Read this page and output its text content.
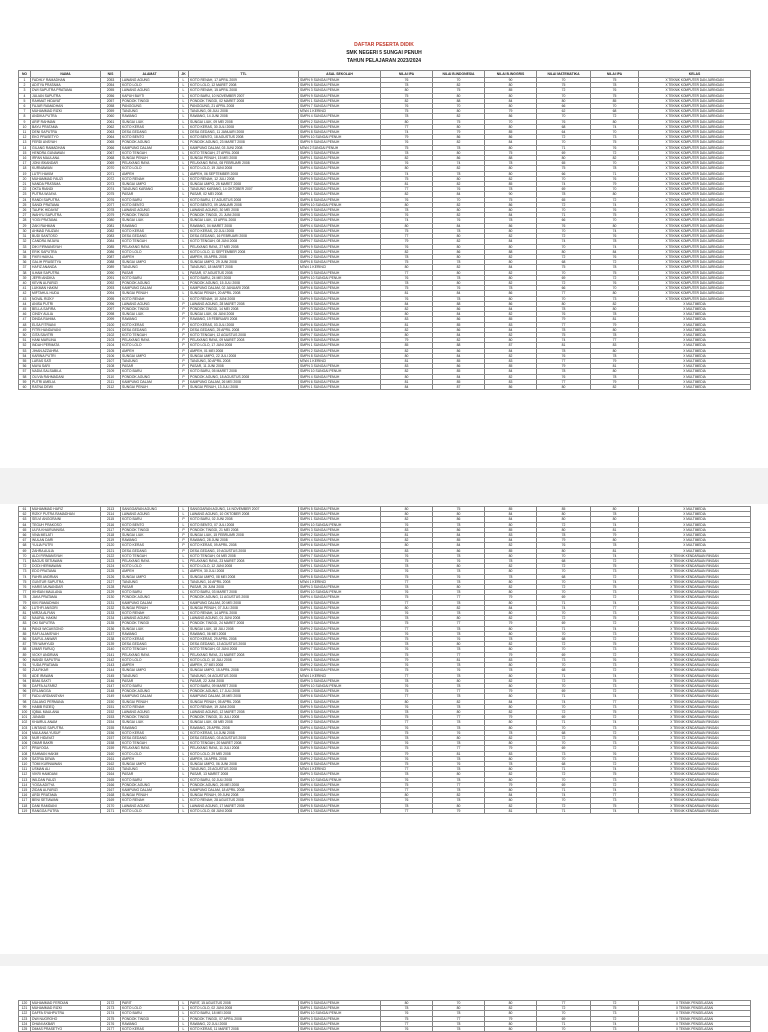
DAFTAR PESERTA DIDIK
SMK NEGERI 5 SUNGAI PENUH
TAHUN PELAJARAN 2023/2024
NO	NAMA	NIS	ALAMAT	JK	TTL	ASAL SEKOLAH	NILAI IPA	NILAI B.INDONESIA	NILAI B.INGGRIS	NILAI MATEMATIKA	NILAI IPA	KELAS
1	FADHLY RAMADHAN	2053	LAWANG AGUNG	L	KOTO RENAH, 17 APRIL 2009	SMPN 9 SUNGAI PENUH	76	70	90	70	75	X TEKNIK KOMPUTER DAN JARINGAN
2	ADITYA PRATAMA	2054	KOTO LOLO	L	KOTO LOLO, 12 MARET 2008	SMPN 5 SUNGAI PENUH	78	82	80	75	78	X TEKNIK KOMPUTER DAN JARINGAN
3	DWI SAPUTRA PRATAMA	2055	LAWANG AGUNG	L	KOTO RENAH, 15 APRIL 2008	SMPN 3 SUNGAI PENUH	80	75	85	72	76	X TEKNIK KOMPUTER DAN JARINGAN
4	JULIAN SAPUTRA	2056	KAPUH BAYTI	L	KOTO BARU, 10 NOVEMBER 2007	SMPN 9 SUNGAI PENUH	75	80	80	70	75	X TEKNIK KOMPUTER DAN JARINGAN
5	RAHMAT HIDAYAT	2057	PONDOK TINGGI	L	PONDOK TINGGI, 02 MARET 2008	SMPN 1 SUNGAI PENUH	82	88	84	80	85	X TEKNIK KOMPUTER DAN JARINGAN
6	FAJAR RAMADHAN	2058	PANGGUNG	L	PANGGUNG, 21 APRIL 2008	SMPN 7 SUNGAI PENUH	76	70	80	66	70	X TEKNIK KOMPUTER DAN JARINGAN
7	MUHAMMAD RIZKI	2059	TANJUNG	L	TANJUNG, 05 JULI 2008	MTsN 1 KERINCI	75	80	79	62	68	X TEKNIK KOMPUTER DAN JARINGAN
8	ANDIKA PUTRA	2060	RAWANG	L	RAWANG, 14 JUNI 2008	SMPN 4 SUNGAI PENUH	78	82	86	70	72	X TEKNIK KOMPUTER DAN JARINGAN
9	ARIF RAHMAN	2061	SUNGAI LIUK	L	SUNGAI LIUK, 09 MEI 2008	SMPN 2 SUNGAI PENUH	80	75	70	76	80	X TEKNIK KOMPUTER DAN JARINGAN
10	BAYU PRATAMA	2062	KOTO KERAS	L	KOTO KERAS, 30 JULI 2008	SMPN 6 SUNGAI PENUH	77	80	80	68	74	X TEKNIK KOMPUTER DAN JARINGAN
11	DENI SAPUTRA	2063	DESA GEDANG	L	DESA GEDANG, 11 JANUARI 2008	SMPN 8 SUNGAI PENUH	74	79	85	64	70	X TEKNIK KOMPUTER DAN JARINGAN
12	EKO PRASETYO	2064	KOTO BENTO	L	KOTO BENTO, 18 AGUSTUS 2008	SMPN 10 SUNGAI PENUH	79	86	86	72	73	X TEKNIK KOMPUTER DAN JARINGAN
13	FERDI ANSYAH	2065	PONDOK AGUNG	L	PONDOK AGUNG, 23 MARET 2008	SMPN 9 SUNGAI PENUH	76	82	84	70	75	X TEKNIK KOMPUTER DAN JARINGAN
14	GILANG RAMADHAN	2066	KAMPUNG DALAM	L	KAMPUNG DALAM, 03 JUNI 2008	MTsN 2 SUNGAI PENUH	75	78	80	71	76	X TEKNIK KOMPUTER DAN JARINGAN
15	HENDRA GUNAWAN	2067	KOTO TENGAH	L	KOTO TENGAH, 27 APRIL 2008	SMPN 3 SUNGAI PENUH	78	80	75	69	72	X TEKNIK KOMPUTER DAN JARINGAN
16	IRFAN MAULANA	2068	SUNGAI PENUH	L	SUNGAI PENUH, 15 MEI 2008	SMPN 1 SUNGAI PENUH	82	86	88	80	82	X TEKNIK KOMPUTER DAN JARINGAN
17	JONI ISKANDAR	2069	PELAYANG RAYA	L	PELAYANG RAYA, 08 FEBRUARI 2008	SMPN 5 SUNGAI PENUH	76	74	78	65	70	X TEKNIK KOMPUTER DAN JARINGAN
18	KURNIAWAN	2070	KOTO LOLO	L	KOTO LOLO, 19 JUNI 2008	SMPN 4 SUNGAI PENUH	80	82	80	75	78	X TEKNIK KOMPUTER DAN JARINGAN
19	LUTFI HAKIM	2071	AMPEH	L	AMPEH, 06 SEPTEMBER 2008	SMPN 2 SUNGAI PENUH	74	78	80	66	71	X TEKNIK KOMPUTER DAN JARINGAN
20	MUHAMMAD FAUZI	2072	KOTO RENAH	L	KOTO RENAH, 12 JULI 2008	SMPN 9 SUNGAI PENUH	75	80	82	70	76	X TEKNIK KOMPUTER DAN JARINGAN
21	NANDA PRATAMA	2073	SUNGAI UMPO	L	SUNGAI UMPO, 25 MARET 2008	SMPN 7 SUNGAI PENUH	81	82	85	74	79	X TEKNIK KOMPUTER DAN JARINGAN
22	OKTA RIANDI	2074	TANJUNG KARANG	L	TANJUNG KARANG, 14 OKTOBER 2007	SMPN 6 SUNGAI PENUH	77	76	78	69	70	X TEKNIK KOMPUTER DAN JARINGAN
23	PUTRA WIJAYA	2075	PASAR	L	PASAR, 02 MEI 2008	SMPN 1 SUNGAI PENUH	82	84	90	78	80	X TEKNIK KOMPUTER DAN JARINGAN
24	RANDI SAPUTRA	2076	KOTO BARU	L	KOTO BARU, 17 AGUSTUS 2008	SMPN 8 SUNGAI PENUH	76	70	75	65	72	X TEKNIK KOMPUTER DAN JARINGAN
25	SANDI PRATAMA	2077	KOTO BENTO	L	KOTO BENTO, 09 JANUARI 2008	SMPN 10 SUNGAI PENUH	80	82	86	72	74	X TEKNIK KOMPUTER DAN JARINGAN
26	TAUFIK HIDAYAT	2078	LAWANG AGUNG	L	LAWANG AGUNG, 30 MEI 2008	SMPN 9 SUNGAI PENUH	78	80	80	70	76	X TEKNIK KOMPUTER DAN JARINGAN
27	WAHYU SAPUTRA	2079	PONDOK TINGGI	L	PONDOK TINGGI, 21 JUNI 2008	SMPN 3 SUNGAI PENUH	76	82	84	71	75	X TEKNIK KOMPUTER DAN JARINGAN
28	YOGI PRATAMA	2080	SUNGAI LIUK	L	SUNGAI LIUK, 13 APRIL 2008	SMPN 2 SUNGAI PENUH	74	76	78	66	70	X TEKNIK KOMPUTER DAN JARINGAN
29	ZAKI RAHMAN	2081	RAWANG	L	RAWANG, 04 MARET 2008	SMPN 4 SUNGAI PENUH	80	84	86	76	80	X TEKNIK KOMPUTER DAN JARINGAN
30	AHMAD FAUZAN	2082	KOTO KERAS	L	KOTO KERAS, 22 JULI 2008	SMPN 6 SUNGAI PENUH	75	78	80	70	74	X TEKNIK KOMPUTER DAN JARINGAN
31	BUDI SANTOSO	2083	DESA GEDANG	L	DESA GEDANG, 16 FEBRUARI 2008	SMPN 5 SUNGAI PENUH	77	80	82	72	76	X TEKNIK KOMPUTER DAN JARINGAN
32	CANDRA WIJAYA	2084	KOTO TENGAH	L	KOTO TENGAH, 08 JUNI 2008	SMPN 7 SUNGAI PENUH	79	82	84	74	78	X TEKNIK KOMPUTER DAN JARINGAN
33	DIKI FIRMANSYAH	2085	PELAYANG RAYA	L	PELAYANG RAYA, 27 MEI 2008	SMPN 9 SUNGAI PENUH	76	80	80	70	74	X TEKNIK KOMPUTER DAN JARINGAN
34	ERIK SAPUTRA	2086	KOTO LOLO	L	KOTO LOLO, 11 SEPTEMBER 2008	SMPN 1 SUNGAI PENUH	82	86	88	80	84	X TEKNIK KOMPUTER DAN JARINGAN
35	FIKRI HAIKAL	2087	AMPEH	L	AMPEH, 05 APRIL 2008	SMPN 2 SUNGAI PENUH	78	80	82	72	76	X TEKNIK KOMPUTER DAN JARINGAN
36	GALIH PRASETYA	2088	SUNGAI UMPO	L	SUNGAI UMPO, 29 JUNI 2008	SMPN 8 SUNGAI PENUH	75	78	80	68	72	X TEKNIK KOMPUTER DAN JARINGAN
37	HAFIZ ANANDA	2089	TANJUNG	L	TANJUNG, 18 MARET 2008	MTsN 1 KERINCI	80	82	84	75	78	X TEKNIK KOMPUTER DAN JARINGAN
38	ILHAM SAPUTRA	2090	PASAR	L	PASAR, 07 AGUSTUS 2008	SMPN 3 SUNGAI PENUH	77	80	82	70	75	X TEKNIK KOMPUTER DAN JARINGAN
39	JEFRI ANDIKA	2091	KOTO BARU	L	KOTO BARU, 24 MEI 2008	SMPN 10 SUNGAI PENUH	76	78	80	69	72	X TEKNIK KOMPUTER DAN JARINGAN
40	KEVIN ALFARIZI	2092	PONDOK AGUNG	L	PONDOK AGUNG, 15 JULI 2008	SMPN 4 SUNGAI PENUH	78	80	82	72	76	X TEKNIK KOMPUTER DAN JARINGAN
41	LUKMAN HAKIM	2093	KAMPUNG DALAM	L	KAMPUNG DALAM, 02 JANUARI 2008	SMPN 6 SUNGAI PENUH	75	76	78	66	70	X TEKNIK KOMPUTER DAN JARINGAN
42	MIFTAHUL HUDA	2094	SUNGAI PENUH	L	SUNGAI PENUH, 20 APRIL 2008	SMPN 1 SUNGAI PENUH	81	84	86	77	80	X TEKNIK KOMPUTER DAN JARINGAN
43	NOVAL RIZKY	2095	KOTO RENAH	L	KOTO RENAH, 10 JUNI 2008	SMPN 9 SUNGAI PENUH	76	78	80	70	73	X TEKNIK KOMPUTER DAN JARINGAN
44	ANISA PUTRI	2096	LAWANG AGUNG	P	LAWANG AGUNG, 28 MARET 2008	SMPN 5 SUNGAI PENUH	84	88	86	80	82	X MULTIMEDIA
45	BELLA SAFIRA	2097	PONDOK TINGGI	P	PONDOK TINGGI, 14 MEI 2008	SMPN 3 SUNGAI PENUH	82	86	84	78	80	X MULTIMEDIA
46	CINDY AULIA	2098	SUNGAI LIUK	P	SUNGAI LIUK, 06 JUNI 2008	SMPN 2 SUNGAI PENUH	80	84	82	76	78	X MULTIMEDIA
47	DINDA RAHMA	2099	RAWANG	P	RAWANG, 19 FEBRUARI 2008	SMPN 4 SUNGAI PENUH	83	86	85	79	81	X MULTIMEDIA
48	ELSA FITRIANI	2100	KOTO KERAS	P	KOTO KERAS, 03 JULI 2008	SMPN 6 SUNGAI PENUH	81	85	83	77	79	X MULTIMEDIA
49	FITRI HANDAYANI	2101	DESA GEDANG	P	DESA GEDANG, 25 APRIL 2008	SMPN 8 SUNGAI PENUH	82	86	84	78	80	X MULTIMEDIA
50	GITA SAVITRI	2102	KOTO TENGAH	P	KOTO TENGAH, 12 AGUSTUS 2008	SMPN 7 SUNGAI PENUH	80	84	82	75	78	X MULTIMEDIA
51	HANI MARLINA	2103	PELAYANG RAYA	P	PELAYANG RAYA, 09 MARET 2008	SMPN 9 SUNGAI PENUH	79	82	80	74	77	X MULTIMEDIA
52	INDAH PERMATA	2104	KOTO LOLO	P	KOTO LOLO, 17 JUNI 2008	SMPN 1 SUNGAI PENUH	85	88	87	81	83	X MULTIMEDIA
53	JIHAN AZZAHRA	2105	AMPEH	P	AMPEH, 01 MEI 2008	SMPN 2 SUNGAI PENUH	82	86	84	78	80	X MULTIMEDIA
54	KARINA PUTRI	2106	SUNGAI UMPO	P	SUNGAI UMPO, 22 JULI 2008	SMPN 8 SUNGAI PENUH	80	84	82	76	78	X MULTIMEDIA
55	LARAS SATI	2107	TANJUNG	P	TANJUNG, 30 APRIL 2008	MTsN 1 KERINCI	81	85	83	77	79	X MULTIMEDIA
56	MAYA SARI	2108	PASAR	P	PASAR, 11 JUNI 2008	SMPN 3 SUNGAI PENUH	83	86	85	79	81	X MULTIMEDIA
57	NADIA SALSABILA	2109	KOTO BARU	P	KOTO BARU, 05 MARET 2008	SMPN 10 SUNGAI PENUH	82	85	84	78	80	X MULTIMEDIA
58	OLIVIA RAHMADANI	2110	PONDOK AGUNG	P	PONDOK AGUNG, 18 AGUSTUS 2008	SMPN 4 SUNGAI PENUH	80	84	82	76	78	X MULTIMEDIA
59	PUTRI AMELIA	2111	KAMPUNG DALAM	P	KAMPUNG DALAM, 26 MEI 2008	SMPN 6 SUNGAI PENUH	81	85	83	77	79	X MULTIMEDIA
60	RATNA DEWI	2112	SUNGAI PENUH	P	SUNGAI PENUH, 13 JULI 2008	SMPN 1 SUNGAI PENUH	84	87	86	80	82	X MULTIMEDIA
61	MUHAMMAD HAFIZ	2113	SANGGARAN AGUNG	L	SANGGARAN AGUNG, 14 NOVEMBER 2007	SMPN 5 SUNGAI PENUH	80	75	85	85	80	X MULTIMEDIA
62	RIZKY PUTRA RAMADHAN	2114	LAWANG AGUNG	L	LAWANG AGUNG, 10 OKTOBER 2008	SMPN 9 SUNGAI PENUH	80	80	84	80	78	X MULTIMEDIA
63	SELVI ANGGRAINI	2115	KOTO BARU	P	KOTO BARU, 02 JUNI 2008	SMPN 1 SUNGAI PENUH	82	86	84	80	80	X MULTIMEDIA
64	TEGUH PRAKOSO	2116	KOTO BENTO	L	KOTO BENTO, 07 JULI 2008	SMPN 10 SUNGAI PENUH	76	78	80	72	74	X MULTIMEDIA
65	ULFA KHAIRUNNISA	2117	PONDOK TINGGI	P	PONDOK TINGGI, 21 MEI 2008	SMPN 3 SUNGAI PENUH	83	86	85	80	81	X MULTIMEDIA
66	VINA MELATI	2118	SUNGAI LIUK	P	SUNGAI LIUK, 15 FEBRUARI 2008	SMPN 2 SUNGAI PENUH	81	84	83	78	79	X MULTIMEDIA
67	WULAN DARI	2119	RAWANG	P	RAWANG, 28 JUNI 2008	SMPN 4 SUNGAI PENUH	82	85	84	79	80	X MULTIMEDIA
68	YULIA PUTRI	2120	KOTO KERAS	P	KOTO KERAS, 09 APRIL 2008	SMPN 6 SUNGAI PENUH	80	84	82	76	78	X MULTIMEDIA
69	ZAHRA AULIA	2121	DESA GEDANG	P	DESA GEDANG, 19 AGUSTUS 2008	SMPN 8 SUNGAI PENUH	83	86	85	80	81	X MULTIMEDIA
70	ALDI FIRMANSYAH	2122	KOTO TENGAH	L	KOTO TENGAH, 04 MEI 2008	SMPN 7 SUNGAI PENUH	76	78	80	70	74	X TEKNIK KENDARAAN RINGAN
71	BAGUS SETIAWAN	2123	PELAYANG RAYA	L	PELAYANG RAYA, 23 MARET 2008	SMPN 9 SUNGAI PENUH	75	76	78	68	72	X TEKNIK KENDARAAN RINGAN
72	DODI HERMAWAN	2124	KOTO LOLO	L	KOTO LOLO, 12 JUNI 2008	SMPN 1 SUNGAI PENUH	78	80	82	72	75	X TEKNIK KENDARAAN RINGAN
73	EDO PRATAMA	2125	AMPEH	L	AMPEH, 30 JULI 2008	SMPN 2 SUNGAI PENUH	76	78	80	70	73	X TEKNIK KENDARAAN RINGAN
74	FAHRI ANDRIAN	2126	SUNGAI UMPO	L	SUNGAI UMPO, 08 MEI 2008	SMPN 8 SUNGAI PENUH	75	76	78	68	72	X TEKNIK KENDARAAN RINGAN
75	GUNTUR SAPUTRA	2127	TANJUNG	L	TANJUNG, 16 APRIL 2008	MTsN 1 KERINCI	77	78	80	70	74	X TEKNIK KENDARAAN RINGAN
76	HARIS MUNANDAR	2128	PASAR	L	PASAR, 26 JUNI 2008	SMPN 3 SUNGAI PENUH	78	80	82	72	75	X TEKNIK KENDARAAN RINGAN
77	IKHSAN MAULANA	2129	KOTO BARU	L	KOTO BARU, 03 MARET 2008	SMPN 10 SUNGAI PENUH	76	78	80	70	73	X TEKNIK KENDARAAN RINGAN
78	JAKA PRATAMA	2130	PONDOK AGUNG	L	PONDOK AGUNG, 11 AGUSTUS 2008	SMPN 4 SUNGAI PENUH	75	77	79	69	72	X TEKNIK KENDARAAN RINGAN
79	KIKI RAMADHAN	2131	KAMPUNG DALAM	L	KAMPUNG DALAM, 20 MEI 2008	SMPN 6 SUNGAI PENUH	77	78	80	71	74	X TEKNIK KENDARAAN RINGAN
80	LUTHFI ANSORI	2132	SUNGAI PENUH	L	SUNGAI PENUH, 07 JULI 2008	SMPN 1 SUNGAI PENUH	80	82	84	74	77	X TEKNIK KENDARAAN RINGAN
81	MIRZA ALFIAN	2133	KOTO RENAH	L	KOTO RENAH, 14 APRIL 2008	SMPN 9 SUNGAI PENUH	76	78	80	70	73	X TEKNIK KENDARAAN RINGAN
82	NAUFAL HAKIM	2134	LAWANG AGUNG	L	LAWANG AGUNG, 01 JUNI 2008	SMPN 5 SUNGAI PENUH	78	80	82	72	75	X TEKNIK KENDARAAN RINGAN
83	OKI SAPUTRA	2135	PONDOK TINGGI	L	PONDOK TINGGI, 24 MARET 2008	SMPN 3 SUNGAI PENUH	75	77	79	69	72	X TEKNIK KENDARAAN RINGAN
84	PANJI WICAKSONO	2136	SUNGAI LIUK	L	SUNGAI LIUK, 18 JULI 2008	SMPN 2 SUNGAI PENUH	77	78	80	71	74	X TEKNIK KENDARAAN RINGAN
85	RAFI ALAMSYAH	2137	RAWANG	L	RAWANG, 06 MEI 2008	SMPN 4 SUNGAI PENUH	76	78	80	70	73	X TEKNIK KENDARAAN RINGAN
86	SAIFUL ANWAR	2138	KOTO KERAS	L	KOTO KERAS, 29 APRIL 2008	SMPN 6 SUNGAI PENUH	75	76	78	68	72	X TEKNIK KENDARAAN RINGAN
87	TRI WAHYUDI	2139	DESA GEDANG	L	DESA GEDANG, 13 AGUSTUS 2008	SMPN 8 SUNGAI PENUH	78	80	82	72	75	X TEKNIK KENDARAAN RINGAN
88	UMAR FARUQ	2140	KOTO TENGAH	L	KOTO TENGAH, 02 JUNI 2008	SMPN 7 SUNGAI PENUH	76	78	80	70	73	X TEKNIK KENDARAAN RINGAN
89	VICKY ANDRIAN	2141	PELAYANG RAYA	L	PELAYANG RAYA, 21 MARET 2008	SMPN 9 SUNGAI PENUH	75	77	79	69	72	X TEKNIK KENDARAAN RINGAN
90	WANDI SAPUTRA	2142	KOTO LOLO	L	KOTO LOLO, 10 JULI 2008	SMPN 1 SUNGAI PENUH	79	81	83	73	76	X TEKNIK KENDARAAN RINGAN
91	YUDA PRATAMA	2143	AMPEH	L	AMPEH, 27 MEI 2008	SMPN 2 SUNGAI PENUH	76	78	80	70	73	X TEKNIK KENDARAAN RINGAN
92	ZULFIKAR	2144	SUNGAI UMPO	L	SUNGAI UMPO, 15 APRIL 2008	SMPN 8 SUNGAI PENUH	75	76	78	68	72	X TEKNIK KENDARAAN RINGAN
93	ADE IRAWAN	2145	TANJUNG	L	TANJUNG, 04 AGUSTUS 2008	MTsN 1 KERINCI	77	78	80	71	74	X TEKNIK KENDARAAN RINGAN
94	BIMA SAKTI	2146	PASAR	L	PASAR, 22 JUNI 2008	SMPN 3 SUNGAI PENUH	78	80	82	72	75	X TEKNIK KENDARAAN RINGAN
95	DAFFA ALFARIZ	2147	KOTO BARU	L	KOTO BARU, 09 MARET 2008	SMPN 10 SUNGAI PENUH	76	78	80	70	73	X TEKNIK KENDARAAN RINGAN
96	ERLANGGA	2148	PONDOK AGUNG	L	PONDOK AGUNG, 17 JULI 2008	SMPN 4 SUNGAI PENUH	75	77	79	69	72	X TEKNIK KENDARAAN RINGAN
97	FADLI ARDIANSYAH	2149	KAMPUNG DALAM	L	KAMPUNG DALAM, 28 MEI 2008	SMPN 6 SUNGAI PENUH	77	78	80	71	74	X TEKNIK KENDARAAN RINGAN
98	GALANG PERMANA	2150	SUNGAI PENUH	L	SUNGAI PENUH, 05 APRIL 2008	SMPN 1 SUNGAI PENUH	80	82	84	74	77	X TEKNIK KENDARAAN RINGAN
99	HABIB RIZIEQ	2151	KOTO RENAH	L	KOTO RENAH, 19 JUNI 2008	SMPN 9 SUNGAI PENUH	76	78	80	70	73	X TEKNIK KENDARAAN RINGAN
100	IQBAL MAULANA	2152	LAWANG AGUNG	L	LAWANG AGUNG, 12 MARET 2008	SMPN 5 SUNGAI PENUH	78	80	82	72	75	X TEKNIK KENDARAAN RINGAN
101	JUNAIDI	2153	PONDOK TINGGI	L	PONDOK TINGGI, 31 JULI 2008	SMPN 3 SUNGAI PENUH	75	77	79	69	72	X TEKNIK KENDARAAN RINGAN
102	KHAIRUL ANAM	2154	SUNGAI LIUK	L	SUNGAI LIUK, 08 MEI 2008	SMPN 2 SUNGAI PENUH	77	78	80	71	74	X TEKNIK KENDARAAN RINGAN
103	LINTANG SAPUTRA	2155	RAWANG	L	RAWANG, 25 APRIL 2008	SMPN 4 SUNGAI PENUH	76	78	80	70	73	X TEKNIK KENDARAAN RINGAN
104	MAULANA YUSUF	2156	KOTO KERAS	L	KOTO KERAS, 14 JUNI 2008	SMPN 6 SUNGAI PENUH	75	76	78	68	72	X TEKNIK KENDARAAN RINGAN
105	NUR HIDAYAT	2157	DESA GEDANG	L	DESA GEDANG, 03 AGUSTUS 2008	SMPN 8 SUNGAI PENUH	78	80	82	72	75	X TEKNIK KENDARAAN RINGAN
106	OMAR BAKRI	2158	KOTO TENGAH	L	KOTO TENGAH, 20 MARET 2008	SMPN 7 SUNGAI PENUH	76	78	80	70	73	X TEKNIK KENDARAAN RINGAN
107	PRAYOGA	2159	PELAYANG RAYA	L	PELAYANG RAYA, 11 JULI 2008	SMPN 9 SUNGAI PENUH	75	77	79	69	72	X TEKNIK KENDARAAN RINGAN
108	RAHMAN HAKIM	2160	KOTO LOLO	L	KOTO LOLO, 29 MEI 2008	SMPN 1 SUNGAI PENUH	79	81	83	73	76	X TEKNIK KENDARAAN RINGAN
109	SATRIA DEWA	2161	AMPEH	L	AMPEH, 16 APRIL 2008	SMPN 2 SUNGAI PENUH	76	78	80	70	73	X TEKNIK KENDARAAN RINGAN
110	TOMI KURNIAWAN	2162	SUNGAI UMPO	L	SUNGAI UMPO, 06 JUNI 2008	SMPN 8 SUNGAI PENUH	75	76	78	68	72	X TEKNIK KENDARAAN RINGAN
111	USMAN ALI	2163	TANJUNG	L	TANJUNG, 23 AGUSTUS 2008	MTsN 1 KERINCI	77	78	80	71	74	X TEKNIK KENDARAAN RINGAN
112	VIKRI HAMDANI	2164	PASAR	L	PASAR, 13 MARET 2008	SMPN 3 SUNGAI PENUH	78	80	82	72	75	X TEKNIK KENDARAAN RINGAN
113	WILDAN FAUZI	2165	KOTO BARU	L	KOTO BARU, 02 JULI 2008	SMPN 10 SUNGAI PENUH	76	78	80	70	73	X TEKNIK KENDARAAN RINGAN
114	YOGA ADITYA	2166	PONDOK AGUNG	L	PONDOK AGUNG, 26 MEI 2008	SMPN 4 SUNGAI PENUH	75	77	79	69	72	X TEKNIK KENDARAAN RINGAN
115	ZIDAN ALFARIZI	2167	KAMPUNG DALAM	L	KAMPUNG DALAM, 18 APRIL 2008	SMPN 6 SUNGAI PENUH	77	78	80	71	74	X TEKNIK KENDARAAN RINGAN
116	ARDI PRATAMA	2168	SUNGAI PENUH	L	SUNGAI PENUH, 09 JUNI 2008	SMPN 1 SUNGAI PENUH	80	82	84	74	77	X TEKNIK KENDARAAN RINGAN
117	BENI SETIAWAN	2169	KOTO RENAH	L	KOTO RENAH, 28 AGUSTUS 2008	SMPN 9 SUNGAI PENUH	76	78	80	70	73	X TEKNIK KENDARAAN RINGAN
118	DANI RAMDANI	2170	LAWANG AGUNG	L	LAWANG AGUNG, 17 MARET 2008	SMPN 5 SUNGAI PENUH	78	80	82	72	75	X TEKNIK KENDARAAN RINGAN
119	RANGGA PUTRA	2171	KOTO LOLO	L	KOTO LOLO, 08 JUNI 2008	SMPN 1 SUNGAI PENUH	77	79	81	71	74	X TEKNIK KENDARAAN RINGAN
120	MUHAMMAD FERDIAN	2172	PARIT	L	PARIT, 15 AGUSTUS 2008	SMPN 3 SUNGAI PENUH	80	70	80	77	72	X TEKNIK PENGELASAN
121	MUHAMMAD RIZKI	2173	KOTO LOLO	L	KOTO LOLO, 02 JUNI 2008	SMPN 1 SUNGAI PENUH	78	80	82	72	75	X TEKNIK PENGELASAN
122	DAFFA SYAHPUTRA	2174	KOTO BARU	L	KOTO BARU, 18 MEI 2008	SMPN 10 SUNGAI PENUH	76	78	80	70	73	X TEKNIK PENGELASAN
123	DWI NUGROHO	2175	PONDOK TINGGI	L	PONDOK TINGGI, 07 APRIL 2008	SMPN 3 SUNGAI PENUH	75	77	79	69	72	X TEKNIK PENGELASAN
124	DHANI AKBAR	2176	RAWANG	L	RAWANG, 22 JULI 2008	SMPN 4 SUNGAI PENUH	77	78	80	71	74	X TEKNIK PENGELASAN
125	DIMAS PRASETYO	2177	KOTO KERAS	L	KOTO KERAS, 11 MARET 2008	SMPN 6 SUNGAI PENUH	76	78	80	70	73	X TEKNIK PENGELASAN
